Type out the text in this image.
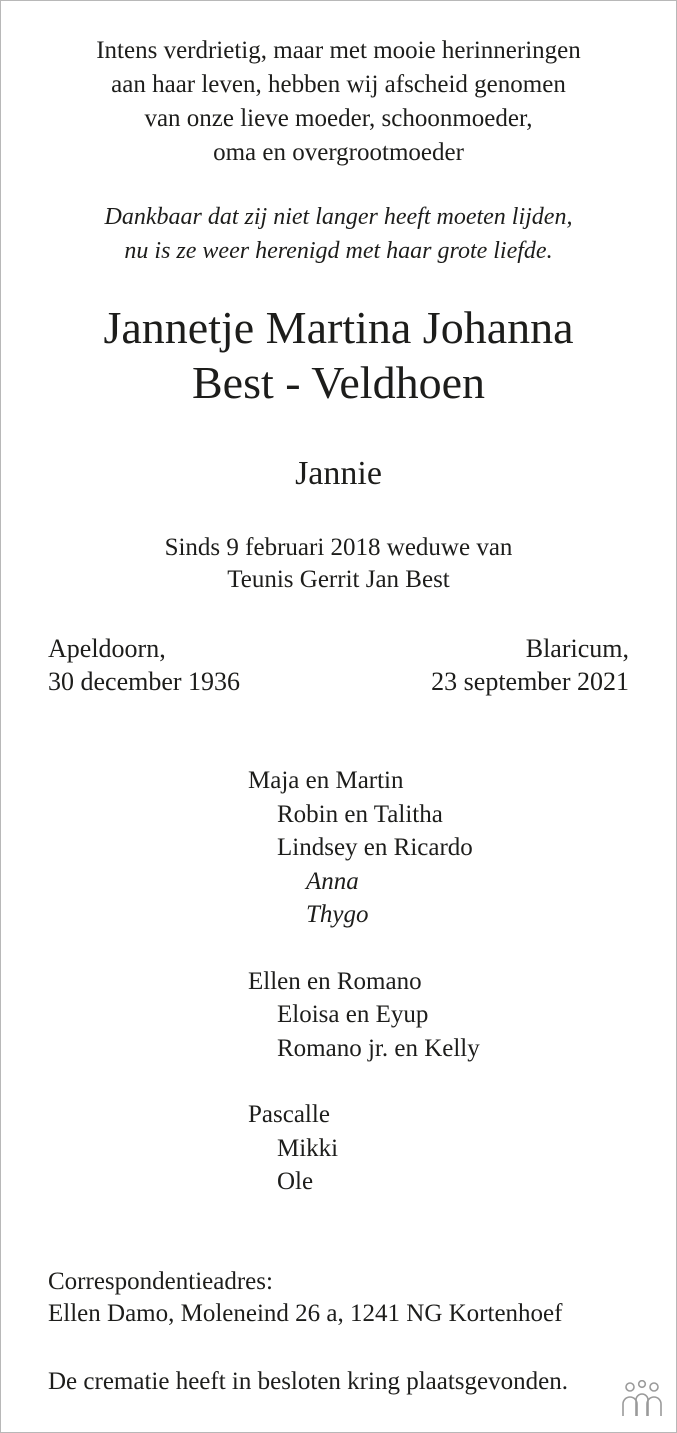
Intens verdrietig, maar met mooie herinneringen
aan haar leven, hebben wij afscheid genomen
van onze lieve moeder, schoonmoeder,
oma en overgrootmoeder
Dankbaar dat zij niet langer heeft moeten lijden,
nu is ze weer herenigd met haar grote liefde.
Jannetje Martina Johanna
Best - Veldhoen
Jannie
Sinds 9 februari 2018 weduwe van
Teunis Gerrit Jan Best
Apeldoorn,
30 december 1936
Blaricum,
23 september 2021
Maja en Martin
Robin en Talitha
Lindsey en Ricardo
Anna
Thygo
Ellen en Romano
Eloisa en Eyup
Romano jr. en Kelly
Pascalle
Mikki
Ole
Correspondentieadres:
Ellen Damo, Moleneind 26 a, 1241 NG Kortenhoef
De crematie heeft in besloten kring plaatsgevonden.
